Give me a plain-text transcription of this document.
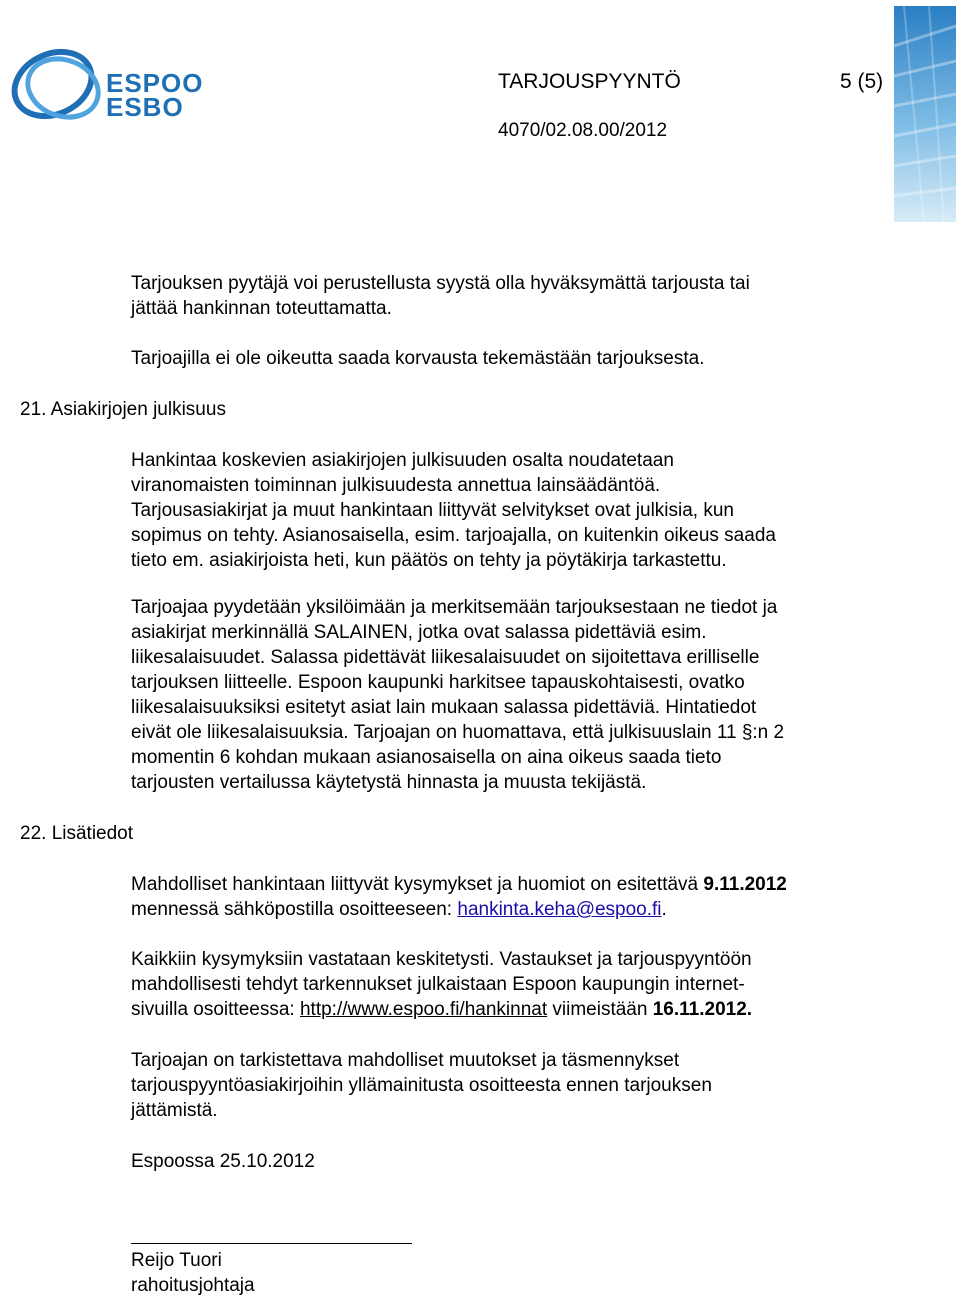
ESPOO
ESBO
TARJOUSPYYNTÖ	5 (5)
4070/02.08.00/2012
Tarjouksen pyytäjä voi perustellusta syystä olla hyväksymättä tarjousta tai
jättää hankinnan toteuttamatta.
Tarjoajilla ei ole oikeutta saada korvausta tekemästään tarjouksesta.
21. Asiakirjojen julkisuus
Hankintaa koskevien asiakirjojen julkisuuden osalta noudatetaan
viranomaisten toiminnan julkisuudesta annettua lainsäädäntöä.
Tarjousasiakirjat ja muut hankintaan liittyvät selvitykset ovat julkisia, kun
sopimus on tehty. Asianosaisella, esim. tarjoajalla, on kuitenkin oikeus saada
tieto em. asiakirjoista heti, kun päätös on tehty ja pöytäkirja tarkastettu.
Tarjoajaa pyydetään yksilöimään ja merkitsemään tarjouksestaan ne tiedot ja
asiakirjat merkinnällä SALAINEN, jotka ovat salassa pidettäviä esim.
liikesalaisuudet. Salassa pidettävät liikesalaisuudet on sijoitettava erilliselle
tarjouksen liitteelle. Espoon kaupunki harkitsee tapauskohtaisesti, ovatko
liikesalaisuuksiksi esitetyt asiat lain mukaan salassa pidettäviä. Hintatiedot
eivät ole liikesalaisuuksia. Tarjoajan on huomattava, että julkisuuslain 11 §:n 2
momentin 6 kohdan mukaan asianosaisella on aina oikeus saada tieto
tarjousten vertailussa käytetystä hinnasta ja muusta tekijästä.
22. Lisätiedot
Mahdolliset hankintaan liittyvät kysymykset ja huomiot on esitettävä 9.11.2012
mennessä sähköpostilla osoitteeseen: hankinta.keha@espoo.fi.
Kaikkiin kysymyksiin vastataan keskitetysti. Vastaukset ja tarjouspyyntöön
mahdollisesti tehdyt tarkennukset julkaistaan Espoon kaupungin internet-
sivuilla osoitteessa: http://www.espoo.fi/hankinnat viimeistään 16.11.2012.
Tarjoajan on tarkistettava mahdolliset muutokset ja täsmennykset
tarjouspyyntöasiakirjoihin yllämainitusta osoitteesta ennen tarjouksen
jättämistä.
Espoossa 25.10.2012
Reijo Tuori
rahoitusjohtaja
